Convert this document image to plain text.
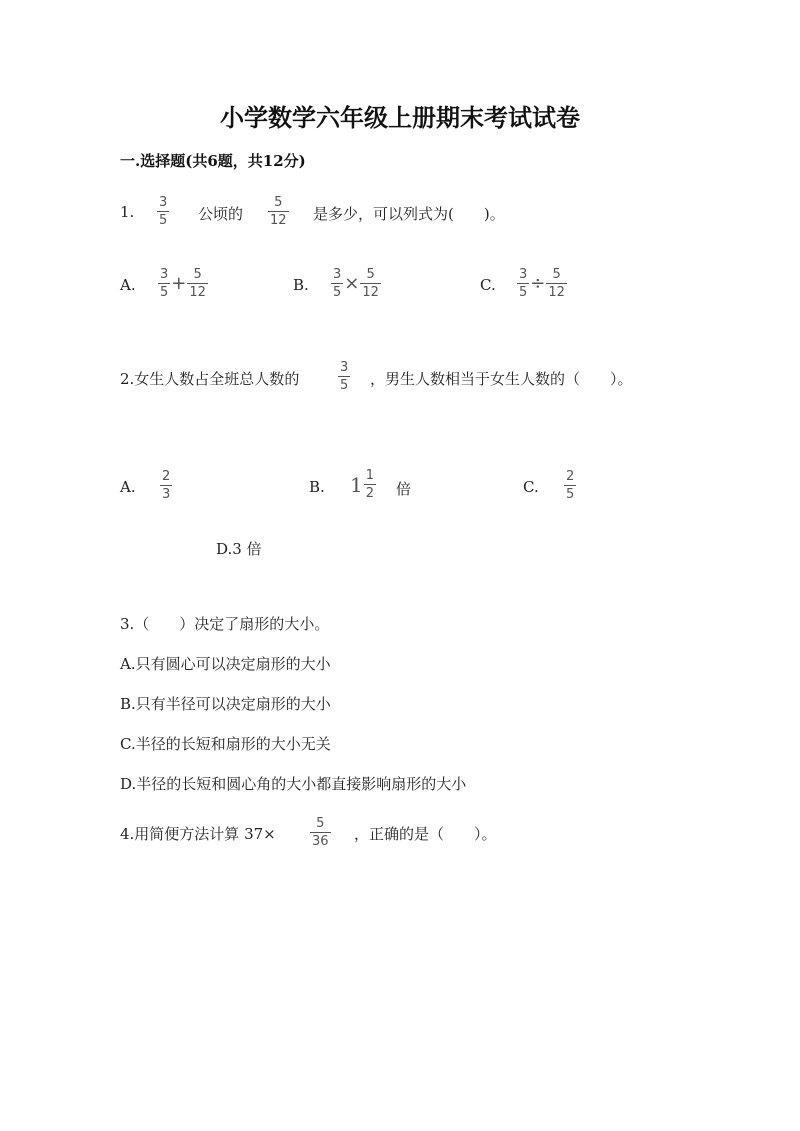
小学数学六年级上册期末考试试卷
一.选择题(共6题，共12分)
1. $\frac{3}{5}$ 公顷的 $\frac{5}{12}$ 是多少，可以列式为(　　)。
A. $\frac{3}{5} + \frac{5}{12}$	B. $\frac{3}{5} \times \frac{5}{12}$	C. $\frac{3}{5} \div \frac{5}{12}$
2.女生人数占全班总人数的	$\frac{3}{5}$ ，男生人数相当于女生人数的（　　）。
A. $\frac{2}{3}$	B. $1 \frac{1}{2}$ 倍	C. $\frac{2}{5}$
D.3 倍
3.（　　）决定了扇形的大小。
A.只有圆心可以决定扇形的大小
B.只有半径可以决定扇形的大小
C.半径的长短和扇形的大小无关
D.半径的长短和圆心角的大小都直接影响扇形的大小
4.用简便方法计算 37×	$\frac{5}{36}$ ，正确的是（　　）。
